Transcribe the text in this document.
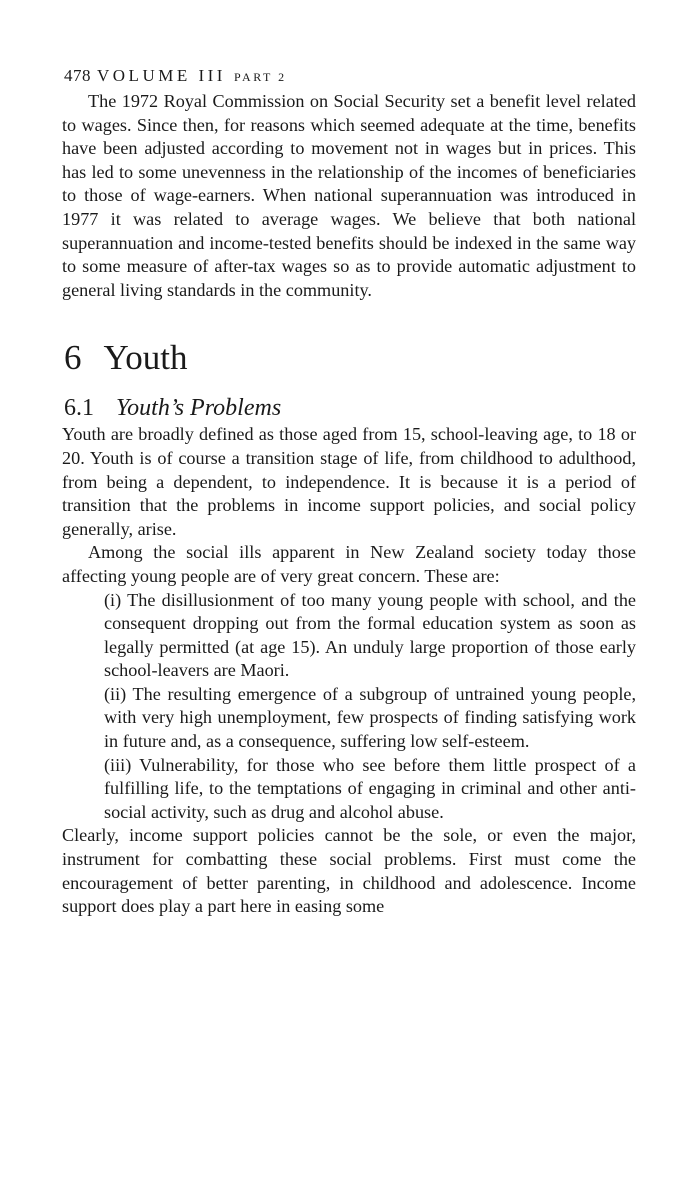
478 VOLUME III PART 2

The 1972 Royal Commission on Social Security set a benefit level related to wages. Since then, for reasons which seemed adequate at the time, benefits have been adjusted according to movement not in wages but in prices. This has led to some unevenness in the relationship of the incomes of beneficiaries to those of wage-earners. When national superannuation was introduced in 1977 it was related to average wages. We believe that both national superannuation and income-tested benefits should be indexed in the same way to some measure of after-tax wages so as to provide automatic adjustment to general living standards in the community.

6 Youth
6.1 Youth’s Problems

Youth are broadly defined as those aged from 15, school-leaving age, to 18 or 20. Youth is of course a transition stage of life, from childhood to adulthood, from being a dependent, to independence. It is because it is a period of transition that the problems in income support policies, and social policy generally, arise.

Among the social ills apparent in New Zealand society today those affecting young people are of very great concern. These are:

(i) The disillusionment of too many young people with school, and the consequent dropping out from the formal education system as soon as legally permitted (at age 15). An unduly large proportion of those early school-leavers are Maori.
(ii) The resulting emergence of a subgroup of untrained young people, with very high unemployment, few prospects of finding satisfying work in future and, as a consequence, suffering low self-esteem.
(iii) Vulnerability, for those who see before them little prospect of a fulfilling life, to the temptations of engaging in criminal and other anti-social activity, such as drug and alcohol abuse.

Clearly, income support policies cannot be the sole, or even the major, instrument for combatting these social problems. First must come the encouragement of better parenting, in childhood and adolescence. Income support does play a part here in easing some
